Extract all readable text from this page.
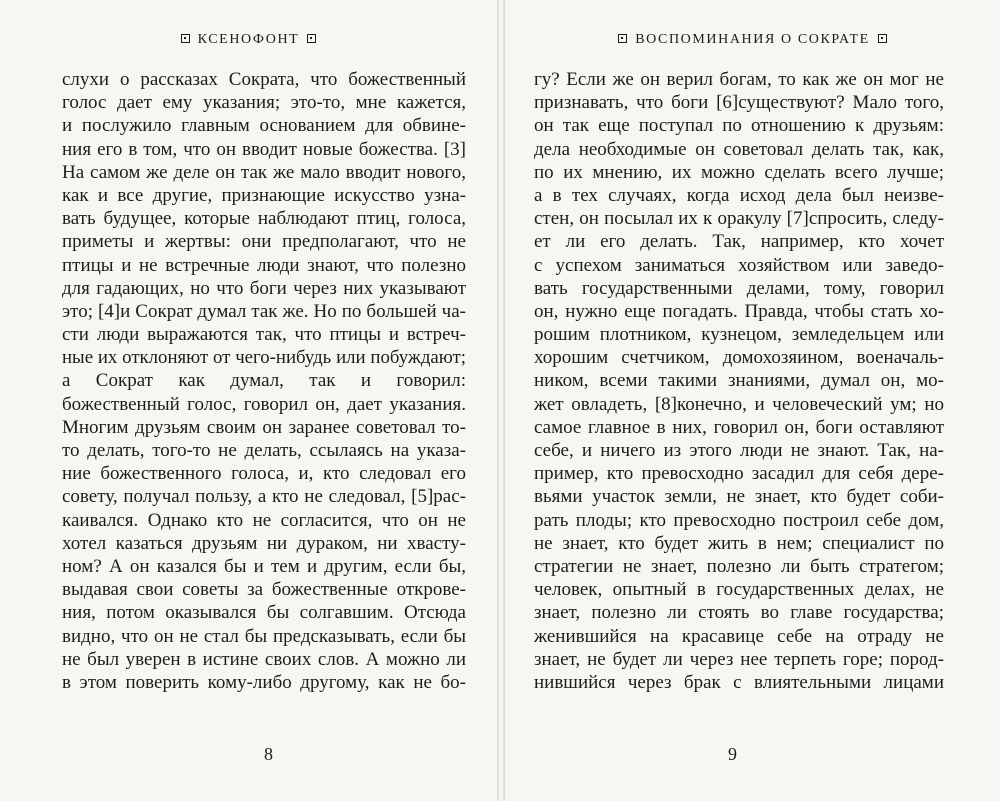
КСЕНОФОНТ
слухи о рассказах Сократа, что божественный
голос дает ему указания; это-то, мне кажется,
и послужило главным основанием для обвине-
ния его в том, что он вводит новые божества. [3]
На самом же деле он так же мало вводит нового,
как и все другие, признающие искусство узна-
вать будущее, которые наблюдают птиц, голоса,
приметы и жертвы: они предполагают, что не
птицы и не встречные люди знают, что полезно
для гадающих, но что боги через них указывают
это; [4]и Сократ думал так же. Но по большей ча-
сти люди выражаются так, что птицы и встреч-
ные их отклоняют от чего-нибудь или побуждают;
а Сократ как думал, так и говорил:
божественный голос, говорил он, дает указания.
Многим друзьям своим он заранее советовал то-
то делать, того-то не делать, ссылаясь на указа-
ние божественного голоса, и, кто следовал его
совету, получал пользу, а кто не следовал, [5]рас-
каивался. Однако кто не согласится, что он не
хотел казаться друзьям ни дураком, ни хвасту-
ном? А он казался бы и тем и другим, если бы,
выдавая свои советы за божественные открове-
ния, потом оказывался бы солгавшим. Отсюда
видно, что он не стал бы предсказывать, если бы
не был уверен в истине своих слов. А можно ли
в этом поверить кому-либо другому, как не бо-
8
ВОСПОМИНАНИЯ О СОКРАТЕ
гу? Если же он верил богам, то как же он мог не
признавать, что боги [6]существуют? Мало того,
он так еще поступал по отношению к друзьям:
дела необходимые он советовал делать так, как,
по их мнению, их можно сделать всего лучше;
а в тех случаях, когда исход дела был неизве-
стен, он посылал их к оракулу [7]спросить, следу-
ет ли его делать. Так, например, кто хочет
с успехом заниматься хозяйством или заведо-
вать государственными делами, тому, говорил
он, нужно еще погадать. Правда, чтобы стать хо-
рошим плотником, кузнецом, земледельцем или
хорошим счетчиком, домохозяином, военачаль-
ником, всеми такими знаниями, думал он, мо-
жет овладеть, [8]конечно, и человеческий ум; но
самое главное в них, говорил он, боги оставляют
себе, и ничего из этого люди не знают. Так, на-
пример, кто превосходно засадил для себя дере-
вьями участок земли, не знает, кто будет соби-
рать плоды; кто превосходно построил себе дом,
не знает, кто будет жить в нем; специалист по
стратегии не знает, полезно ли быть стратегом;
человек, опытный в государственных делах, не
знает, полезно ли стоять во главе государства;
женившийся на красавице себе на отраду не
знает, не будет ли через нее терпеть горе; пород-
нившийся через брак с влиятельными лицами
9
